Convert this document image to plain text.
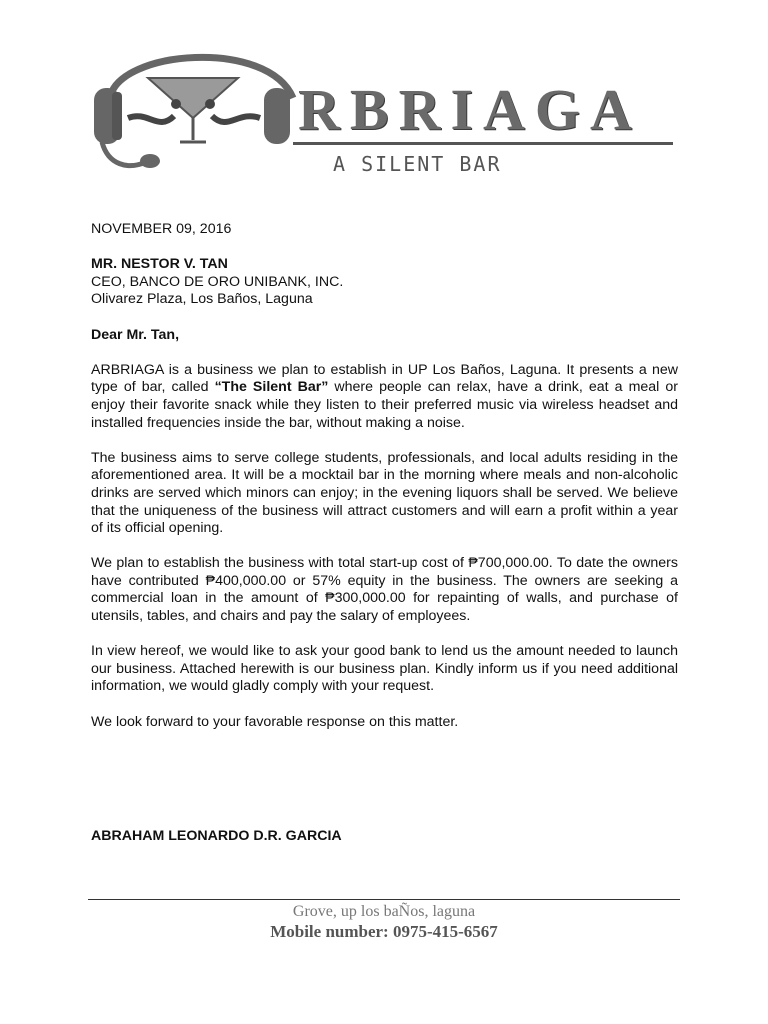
RBRIAGA
A SILENT BAR

NOVEMBER 09, 2016

MR. NESTOR V. TAN

CEO, BANCO DE ORO UNIBANK, INC.

Olivarez Plaza, Los Baños, Laguna

Dear Mr. Tan,

ARBRIAGA is a business we plan to establish in UP Los Baños, Laguna. It presents a new type of bar, called “The Silent Bar” where people can relax, have a drink, eat a meal or enjoy their favorite snack while they listen to their preferred music via wireless headset and installed frequencies inside the bar, without making a noise.

The business aims to serve college students, professionals, and local adults residing in the aforementioned area. It will be a mocktail bar in the morning where meals and non-alcoholic drinks are served which minors can enjoy; in the evening liquors shall be served. We believe that the uniqueness of the business will attract customers and will earn a profit within a year of its official opening.

We plan to establish the business with total start-up cost of ₱700,000.00. To date the owners have contributed ₱400,000.00 or 57% equity in the business. The owners are seeking a commercial loan in the amount of ₱300,000.00 for repainting of walls, and purchase of utensils, tables, and chairs and pay the salary of employees.

In view hereof, we would like to ask your good bank to lend us the amount needed to launch our business. Attached herewith is our business plan. Kindly inform us if you need additional information, we would gladly comply with your request.

We look forward to your favorable response on this matter.

ABRAHAM LEONARDO D.R. GARCIA
Grove, up los baÑos, laguna
Mobile number: 0975-415-6567
